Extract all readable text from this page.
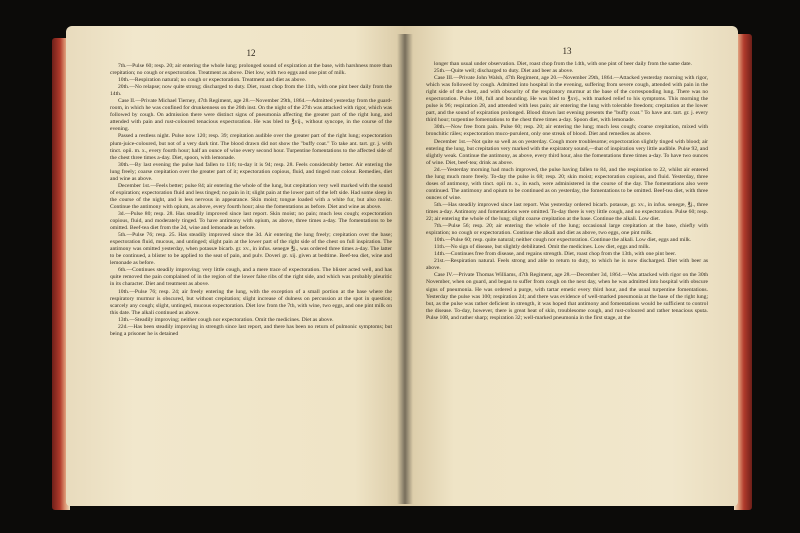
12

7th.—Pulse 60; resp. 20; air entering the whole lung; prolonged sound of expiration at the base, with harshness more than crepitation; no cough or expectoration. Treatment as above. Diet low, with two eggs and one pint of milk.

10th.—Respiration natural; no cough or expectoration. Treatment and diet as above.

20th.—No relapse; now quite strong; discharged to duty. Diet, roast chop from the 11th, with one pint beer daily from the 14th.

Case II.—Private Michael Tierney, 47th Regiment, age 28.—November 29th, 1864.—Admitted yesterday from the guard-room, in which he was confined for drunkenness on the 26th inst. On the night of the 27th was attacked with rigor, which was followed by cough. On admission there were distinct signs of pneumonia affecting the greater part of the right lung, and attended with pain and rust-coloured tenacious expectoration. He was bled to ℥vij., without syncope, in the course of the evening.

Passed a restless night. Pulse now 120; resp. 39; crepitation audible over the greater part of the right lung; expectoration plum-juice-coloured, but not of a very dark tint. The blood drawn did not show the "buffy coat." To take ant. tart. gr. j. with tinct. opii. m. x., every fourth hour; half an ounce of wine every second hour. Turpentine fomentations to the affected side of the chest three times a-day. Diet, spoon, with lemonade.

30th.—By last evening the pulse had fallen to 116; to-day it is 94; resp. 28. Feels considerably better. Air entering the lung freely; coarse crepitation over the greater part of it; expectoration copious, fluid, and tinged rust colour. Remedies, diet and wine as above.

December 1st.—Feels better; pulse 84; air entering the whole of the lung, but crepitation very well marked with the sound of expiration; expectoration fluid and less tinged; no pain in it; slight pain at the lower part of the left side. Had some sleep in the course of the night, and is less nervous in appearance. Skin moist; tongue loaded with a white fur, but also moist. Continue the antimony with opium, as above, every fourth hour; also the fomentations as before. Diet and wine as above.

3d.—Pulse 80; resp. 28. Has steadily improved since last report. Skin moist; no pain; much less cough; expectoration copious, fluid, and moderately tinged. To have antimony with opium, as above, three times a-day. The fomentations to be omitted. Beef-tea diet from the 2d, wine and lemonade as before.

5th.—Pulse 76; resp. 25. Has steadily improved since the 3d. Air entering the lung freely; crepitation over the base; expectoration fluid, mucous, and untinged; slight pain at the lower part of the right side of the chest on full inspiration. The antimony was omitted yesterday, when potassæ bicarb. gr. xv., in infus. senegæ ℥j., was ordered three times a-day. The latter to be continued, a blister to be applied to the seat of pain, and pulv. Doveri gr. xij. given at bedtime. Beef-tea diet, wine and lemonade as before.

6th.—Continues steadily improving; very little cough, and a mere trace of expectoration. The blister acted well, and has quite removed the pain complained of in the region of the lower false ribs of the right side, and which was probably pleuritic in its character. Diet and treatment as above.

10th.—Pulse 76; resp. 24; air freely entering the lung, with the exception of a small portion at the base where the respiratory murmur is obscured, but without crepitation; slight increase of dulness on percussion at the spot in question; scarcely any cough; slight, untinged, mucous expectoration. Diet low from the 7th, with wine, two eggs, and one pint milk on this date. The alkali continued as above.

13th.—Steadily improving; neither cough nor expectoration. Omit the medicines. Diet as above.

22d.—Has been steadily improving in strength since last report, and there has been no return of pulmonic symptoms; but being a prisoner he is detained

13

longer than usual under observation. Diet, roast chop from the 14th, with one pint of beer daily from the same date.

25th.—Quite well; discharged to duty. Diet and beer as above.

Case III.—Private John Walsh, 47th Regiment, age 20.—November 29th, 1864.—Attacked yesterday morning with rigor, which was followed by cough. Admitted into hospital in the evening, suffering from severe cough, attended with pain in the right side of the chest, and with obscurity of the respiratory murmur at the base of the corresponding lung. There was no expectoration. Pulse 108, full and bounding. He was bled to ℥xvj., with marked relief to his symptoms. This morning the pulse is 96; respiration 28, and attended with less pain; air entering the lung with tolerable freedom; crepitation at the lower part, and the sound of expiration prolonged. Blood drawn last evening presents the "buffy coat." To have ant. tart. gr. j. every third hour; turpentine fomentations to the chest three times a-day. Spoon diet, with lemonade.

30th.—Now free from pain. Pulse 60; resp. 20; air entering the lung; much less cough; coarse crepitation, mixed with bronchitic râles; expectoration muco-purulent, only one streak of blood. Diet and remedies as above.

December 1st.—Not quite so well as on yesterday. Cough more troublesome; expectoration slightly tinged with blood; air entering the lung, but crepitation very marked with the expiratory sound,—that of inspiration very little audible. Pulse 92, and slightly weak. Continue the antimony, as above, every third hour, also the fomentations three times a-day. To have two ounces of wine. Diet, beef-tea; drink as above.

2d.—Yesterday morning had much improved, the pulse having fallen to 84, and the respiration to 22, whilst air entered the lung much more freely. To-day the pulse is 68; resp. 20; skin moist; expectoration copious, and fluid. Yesterday, three doses of antimony, with tinct. opii m. x., in each, were administered in the course of the day. The fomentations also were continued. The antimony and opium to be continued as on yesterday, the fomentations to be omitted. Beef-tea diet, with three ounces of wine.

5th.—Has steadily improved since last report. Was yesterday ordered bicarb. potassæ, gr. xv., in infus. senegæ, ℥j., three times a-day. Antimony and fomentations were omitted. To-day there is very little cough, and no expectoration. Pulse 60; resp. 22; air entering the whole of the lung; slight coarse crepitation at the base. Continue the alkali. Low diet.

7th.—Pulse 56; resp. 20; air entering the whole of the lung; occasional large crepitation at the base, chiefly with expiration; no cough or expectoration. Continue the alkali and diet as above, two eggs, one pint milk.

10th.—Pulse 60; resp. quite natural; neither cough nor expectoration. Continue the alkali. Low diet, eggs and milk.

11th.—No sign of disease, but slightly debilitated. Omit the medicines. Low diet, eggs and milk.

14th.—Continues free from disease, and regains strength. Diet, roast chop from the 13th, with one pint beer.

21st.—Respiration natural. Feels strong and able to return to duty, to which he is now discharged. Diet with beer as above.

Case IV.—Private Thomas Williams, 47th Regiment, age 28.—December 3d, 1864.—Was attacked with rigor on the 30th November, when on guard, and began to suffer from cough on the next day, when he was admitted into hospital with obscure signs of pneumonia. He was ordered a purge, with tartar emetic every third hour, and the usual turpentine fomentations. Yesterday the pulse was 100; respiration 24; and there was evidence of well-marked pneumonia at the base of the right lung; but, as the pulse was rather deficient in strength, it was hoped that antimony and fomentations would be sufficient to control the disease. To-day, however, there is great heat of skin, troublesome cough, and rust-coloured and rather tenacious sputa. Pulse 108, and rather sharp; respiration 32; well-marked pneumonia in the first stage, at the
